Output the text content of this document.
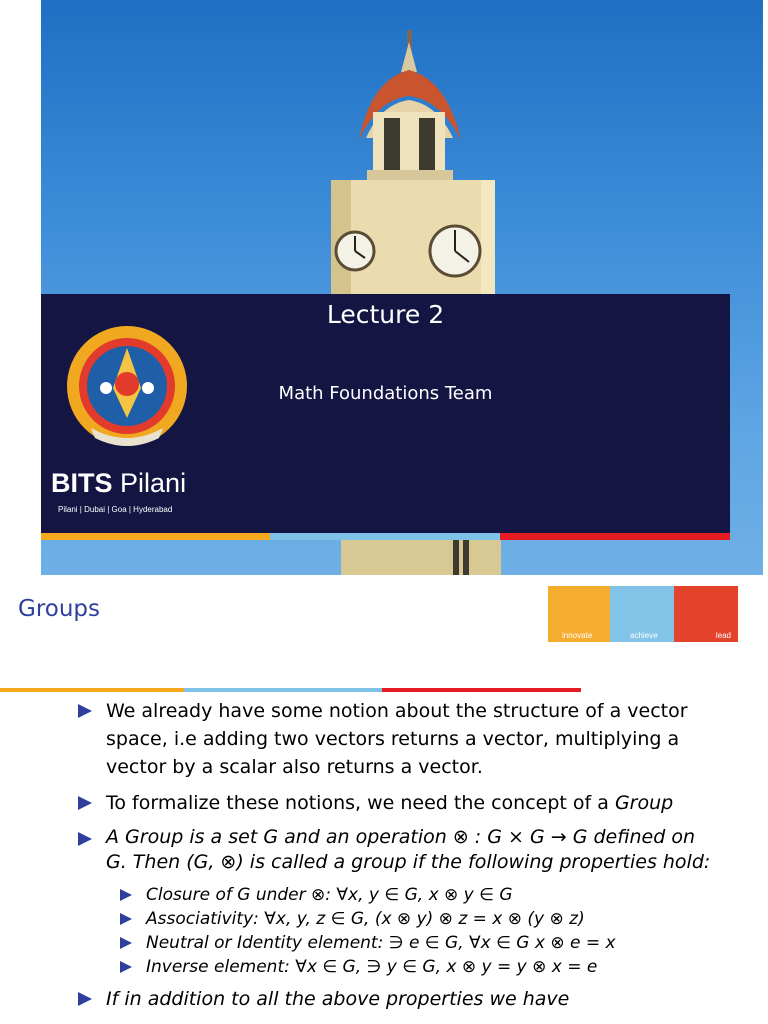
Lecture 2
Math Foundations Team
BITS Pilani
Pilani | Dubai | Goa | Hyderabad
Groups
innovate	achieve	lead
We already have some notion about the structure of a vector space, i.e adding two vectors returns a vector, multiplying a vector by a scalar also returns a vector.
To formalize these notions, we need the concept of a Group
A Group is a set G and an operation ⊗ : G × G → G defined on G. Then (G, ⊗) is called a group if the following properties hold:
Closure of G under ⊗: ∀x, y ∈ G, x ⊗ y ∈ G
Associativity: ∀x, y, z ∈ G, (x ⊗ y) ⊗ z = x ⊗ (y ⊗ z)
Neutral or Identity element: ∋ e ∈ G, ∀x ∈ G x ⊗ e = x
Inverse element: ∀x ∈ G, ∋ y ∈ G, x ⊗ y = y ⊗ x = e
If in addition to all the above properties we have
